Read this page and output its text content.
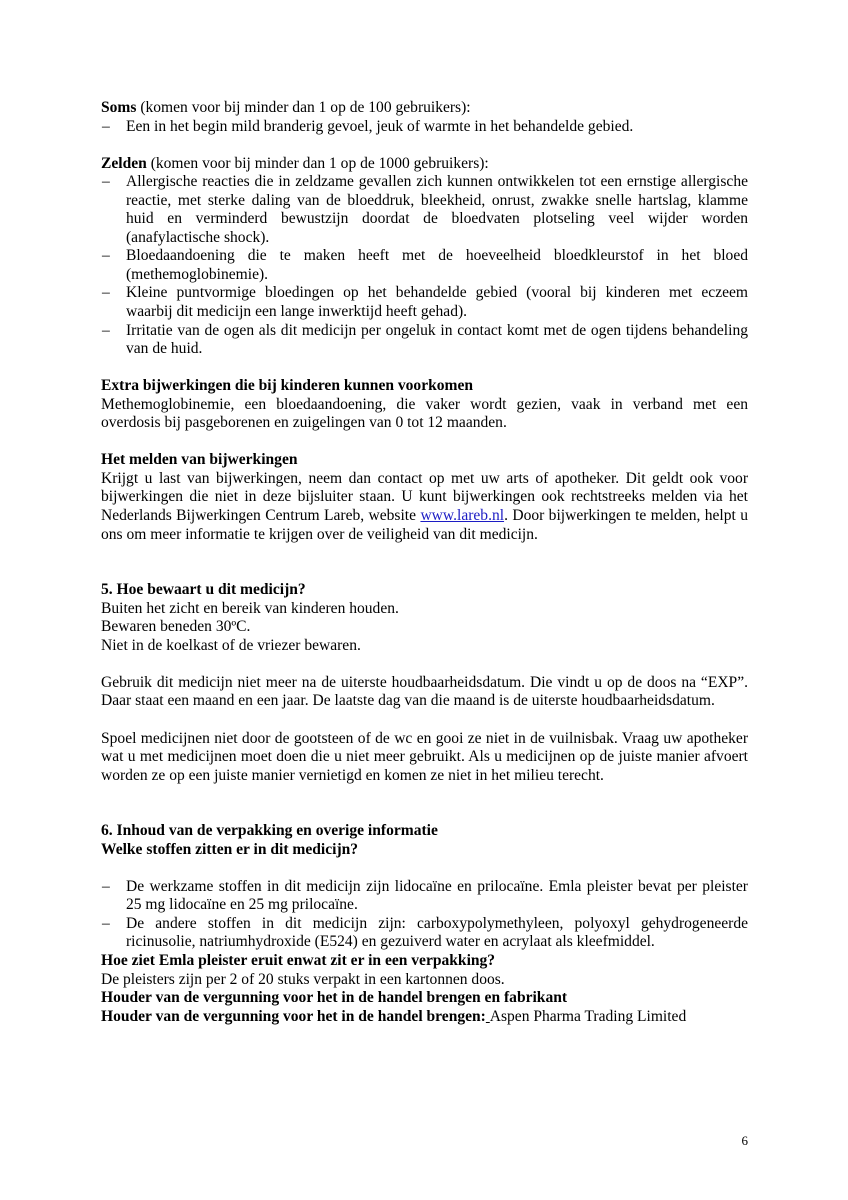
Soms (komen voor bij minder dan 1 op de 100 gebruikers):
– Een in het begin mild branderig gevoel, jeuk of warmte in het behandelde gebied.
Zelden (komen voor bij minder dan 1 op de 1000 gebruikers):
– Allergische reacties die in zeldzame gevallen zich kunnen ontwikkelen tot een ernstige allergische
reactie, met sterke daling van de bloeddruk, bleekheid, onrust, zwakke snelle hartslag, klamme
huid en verminderd bewustzijn doordat de bloedvaten plotseling veel wijder worden
(anafylactische shock).
– Bloedaandoening die te maken heeft met de hoeveelheid bloedkleurstof in het bloed
(methemoglobinemie).
– Kleine puntvormige bloedingen op het behandelde gebied (vooral bij kinderen met eczeem
waarbij dit medicijn een lange inwerktijd heeft gehad).
– Irritatie van de ogen als dit medicijn per ongeluk in contact komt met de ogen tijdens behandeling
van de huid.
Extra bijwerkingen die bij kinderen kunnen voorkomen
Methemoglobinemie, een bloedaandoening, die vaker wordt gezien, vaak in verband met een
overdosis bij pasgeborenen en zuigelingen van 0 tot 12 maanden.
Het melden van bijwerkingen
Krijgt u last van bijwerkingen, neem dan contact op met uw arts of apotheker. Dit geldt ook voor
bijwerkingen die niet in deze bijsluiter staan. U kunt bijwerkingen ook rechtstreeks melden via het
Nederlands Bijwerkingen Centrum Lareb, website www.lareb.nl. Door bijwerkingen te melden, helpt u
ons om meer informatie te krijgen over de veiligheid van dit medicijn.
5. Hoe bewaart u dit medicijn?
Buiten het zicht en bereik van kinderen houden.
Bewaren beneden 30ºC.
Niet in de koelkast of de vriezer bewaren.
Gebruik dit medicijn niet meer na de uiterste houdbaarheidsdatum. Die vindt u op de doos na “EXP”.
Daar staat een maand en een jaar. De laatste dag van die maand is de uiterste houdbaarheidsdatum.
Spoel medicijnen niet door de gootsteen of de wc en gooi ze niet in de vuilnisbak. Vraag uw apotheker
wat u met medicijnen moet doen die u niet meer gebruikt. Als u medicijnen op de juiste manier afvoert
worden ze op een juiste manier vernietigd en komen ze niet in het milieu terecht.
6. Inhoud van de verpakking en overige informatie
Welke stoffen zitten er in dit medicijn?
– De werkzame stoffen in dit medicijn zijn lidocaïne en prilocaïne. Emla pleister bevat per pleister
25 mg lidocaïne en 25 mg prilocaïne.
– De andere stoffen in dit medicijn zijn: carboxypolymethyleen, polyoxyl gehydrogeneerde
ricinusolie, natriumhydroxide (E524) en gezuiverd water en acrylaat als kleefmiddel.
Hoe ziet Emla pleister eruit enwat zit er in een verpakking?
De pleisters zijn per 2 of 20 stuks verpakt in een kartonnen doos.
Houder van de vergunning voor het in de handel brengen en fabrikant
Houder van de vergunning voor het in de handel brengen: Aspen Pharma Trading Limited
6
